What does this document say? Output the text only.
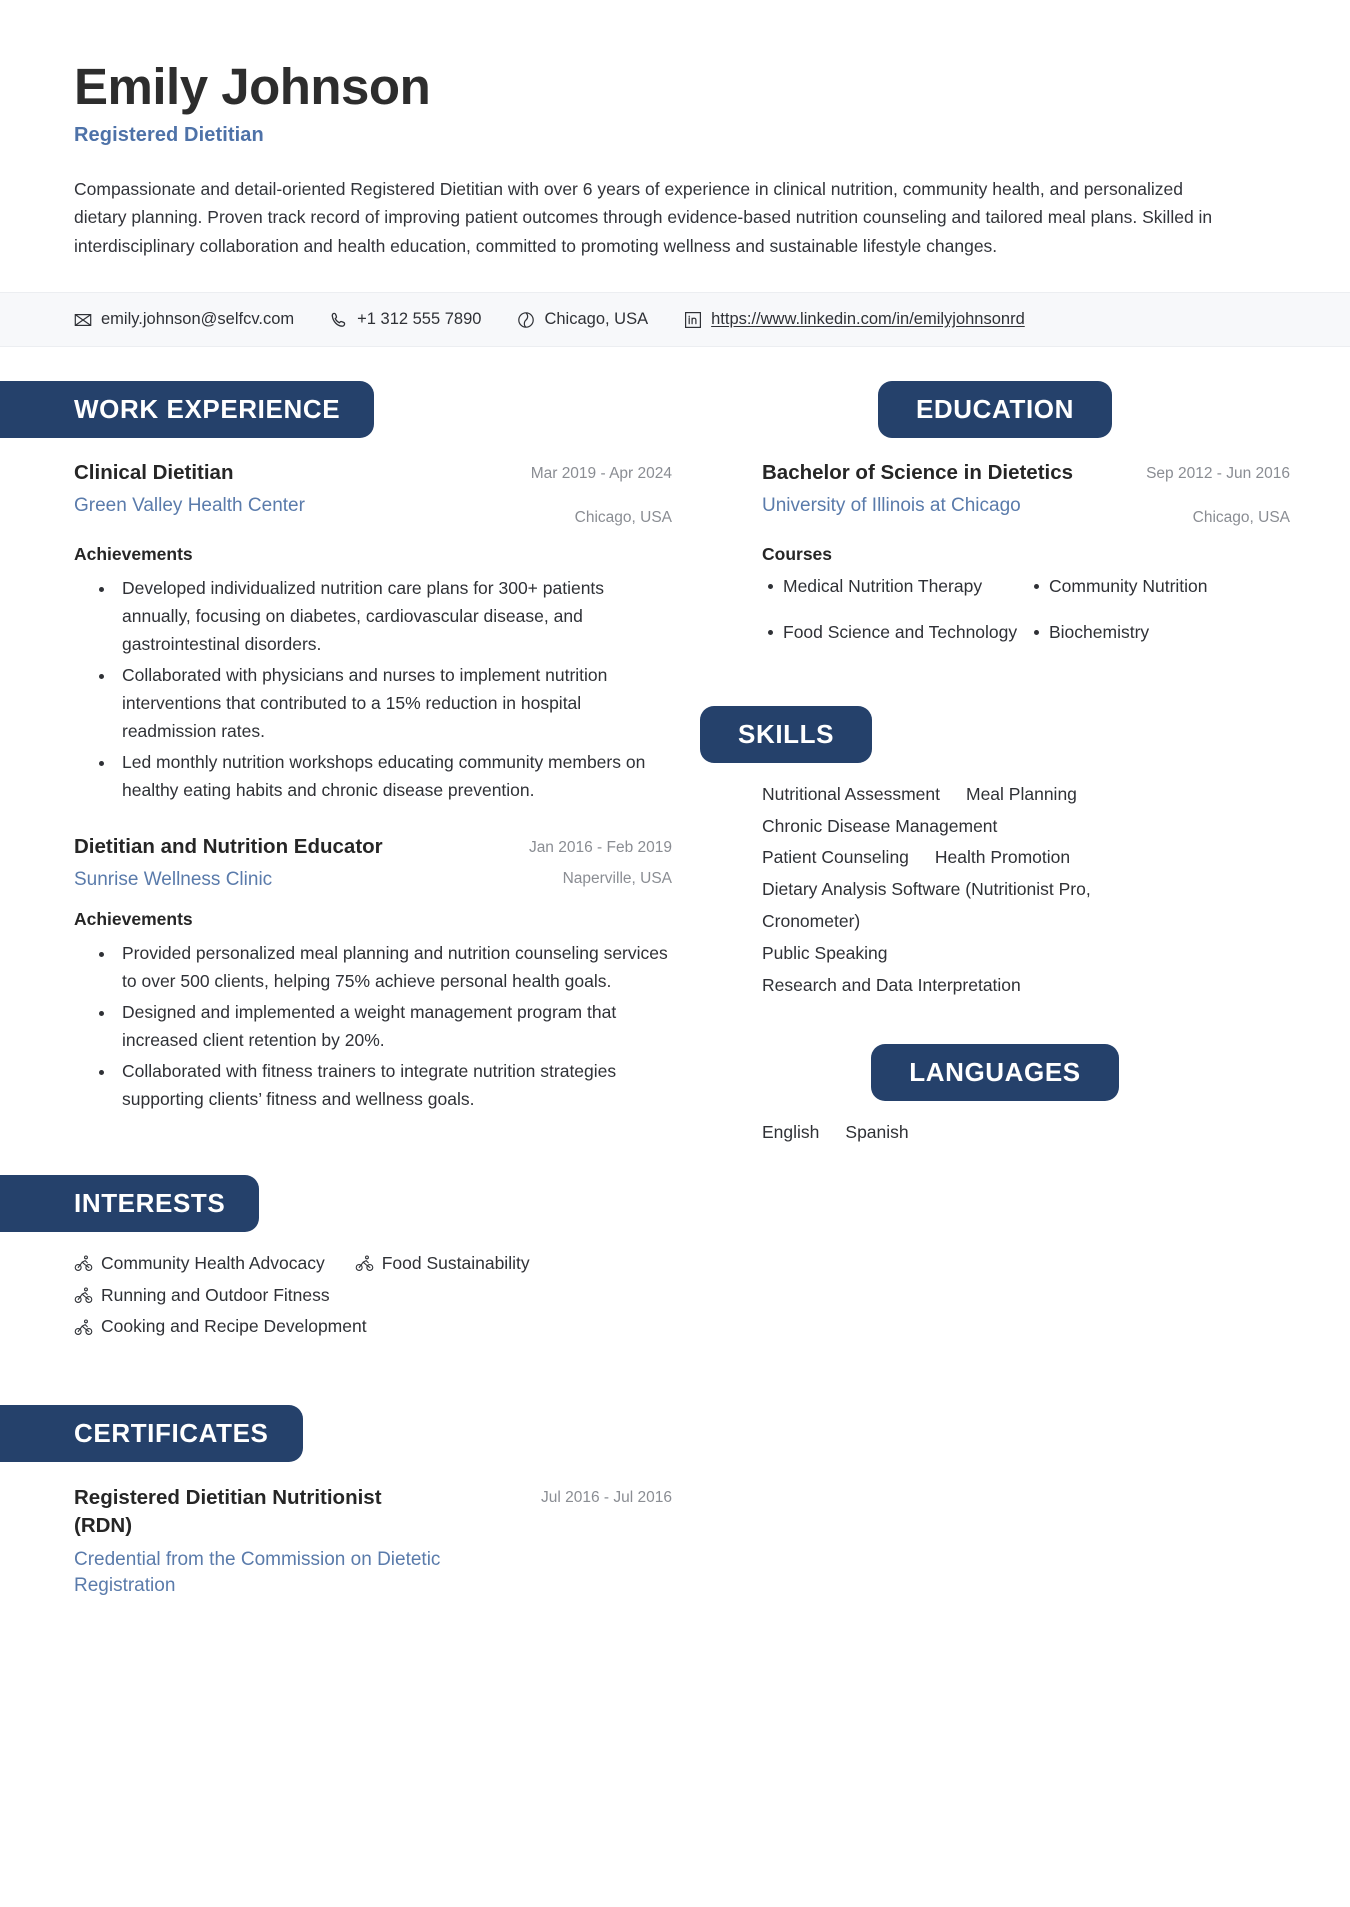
Emily Johnson
Registered Dietitian
Compassionate and detail-oriented Registered Dietitian with over 6 years of experience in clinical nutrition, community health, and personalized dietary planning. Proven track record of improving patient outcomes through evidence-based nutrition counseling and tailored meal plans. Skilled in interdisciplinary collaboration and health education, committed to promoting wellness and sustainable lifestyle changes.
emily.johnson@selfcv.com	+1 312 555 7890	Chicago, USA	https://www.linkedin.com/in/emilyjohnsonrd
WORK EXPERIENCE
Clinical Dietitian
Green Valley Health Center
Mar 2019 - Apr 2024
Chicago, USA
Achievements
• Developed individualized nutrition care plans for 300+ patients annually, focusing on diabetes, cardiovascular disease, and gastrointestinal disorders.
• Collaborated with physicians and nurses to implement nutrition interventions that contributed to a 15% reduction in hospital readmission rates.
• Led monthly nutrition workshops educating community members on healthy eating habits and chronic disease prevention.
Dietitian and Nutrition Educator
Sunrise Wellness Clinic
Jan 2016 - Feb 2019
Naperville, USA
Achievements
• Provided personalized meal planning and nutrition counseling services to over 500 clients, helping 75% achieve personal health goals.
• Designed and implemented a weight management program that increased client retention by 20%.
• Collaborated with fitness trainers to integrate nutrition strategies supporting clients’ fitness and wellness goals.
INTERESTS
Community Health Advocacy	Food Sustainability
Running and Outdoor Fitness
Cooking and Recipe Development
CERTIFICATES
Registered Dietitian Nutritionist (RDN)
Jul 2016 - Jul 2016
Credential from the Commission on Dietetic Registration
EDUCATION
Bachelor of Science in Dietetics
University of Illinois at Chicago
Sep 2012 - Jun 2016
Chicago, USA
Courses
Medical Nutrition Therapy	Community Nutrition
Food Science and Technology Biochemistry
SKILLS
Nutritional Assessment Meal Planning
Chronic Disease Management
Patient Counseling Health Promotion
Dietary Analysis Software (Nutritionist Pro, Cronometer)
Public Speaking
Research and Data Interpretation
LANGUAGES
English Spanish
